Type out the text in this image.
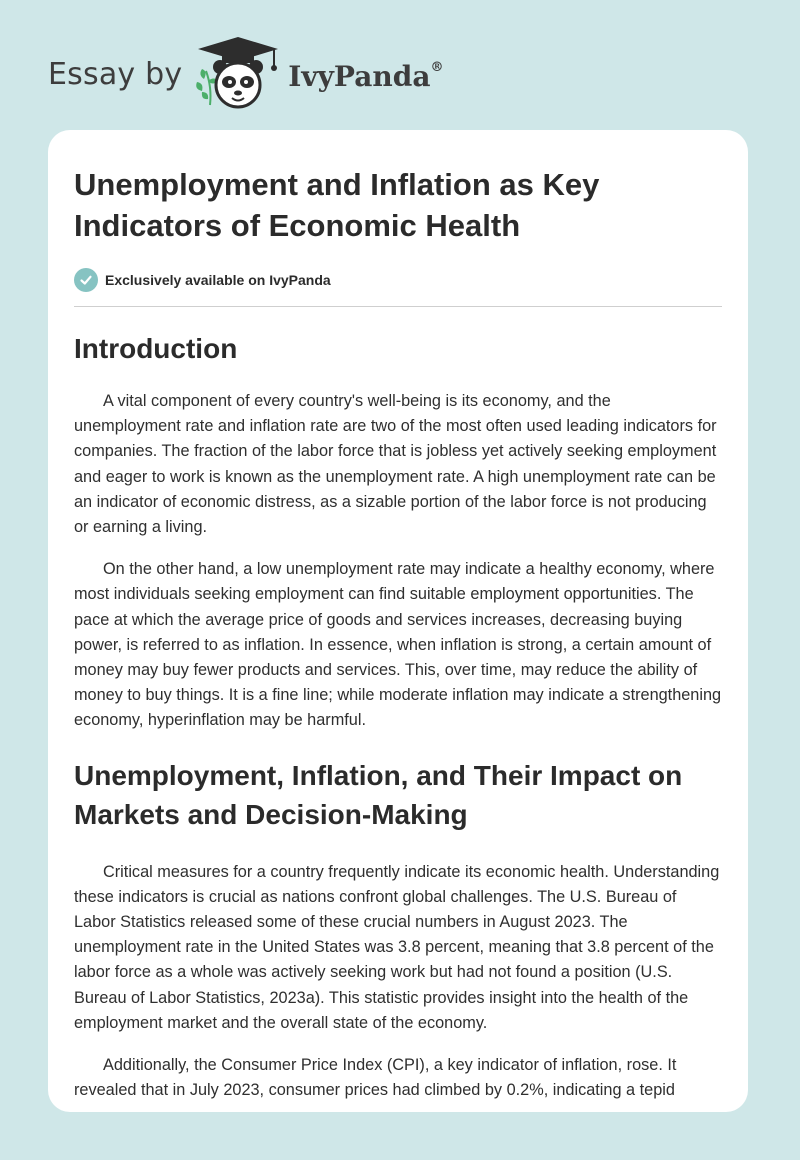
Essay by	IvyPanda®
Unemployment and Inflation as Key Indicators of Economic Health
Exclusively available on IvyPanda
Introduction

A vital component of every country's well-being is its economy, and the unemployment rate and inflation rate are two of the most often used leading indicators for companies. The fraction of the labor force that is jobless yet actively seeking employment and eager to work is known as the unemployment rate. A high unemployment rate can be an indicator of economic distress, as a sizable portion of the labor force is not producing or earning a living.

On the other hand, a low unemployment rate may indicate a healthy economy, where most individuals seeking employment can find suitable employment opportunities. The pace at which the average price of goods and services increases, decreasing buying power, is referred to as inflation. In essence, when inflation is strong, a certain amount of money may buy fewer products and services. This, over time, may reduce the ability of money to buy things. It is a fine line; while moderate inflation may indicate a strengthening economy, hyperinflation may be harmful.

Unemployment, Inflation, and Their Impact on Markets and Decision-Making

Critical measures for a country frequently indicate its economic health. Understanding these indicators is crucial as nations confront global challenges. The U.S. Bureau of Labor Statistics released some of these crucial numbers in August 2023. The unemployment rate in the United States was 3.8 percent, meaning that 3.8 percent of the labor force as a whole was actively seeking work but had not found a position (U.S. Bureau of Labor Statistics, 2023a). This statistic provides insight into the health of the employment market and the overall state of the economy.

Additionally, the Consumer Price Index (CPI), a key indicator of inflation, rose. It revealed that in July 2023, consumer prices had climbed by 0.2%, indicating a tepid
